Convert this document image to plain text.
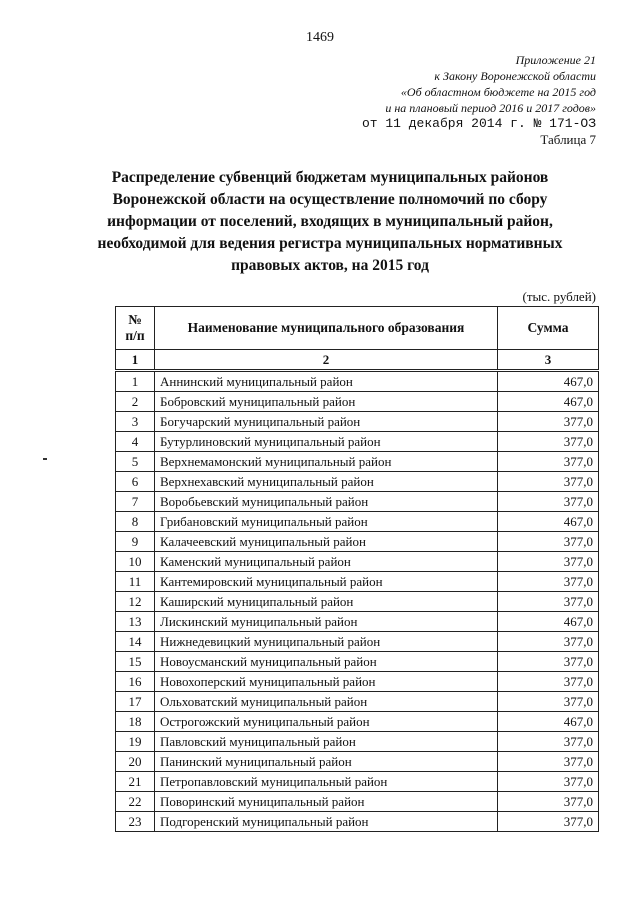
1469
Приложение 21
к Закону Воронежской области
«Об областном бюджете на 2015 год
и на плановый период 2016 и 2017 годов»
от 11 декабря 2014 г. № 171-ОЗ
Таблица 7
Распределение субвенций бюджетам муниципальных районов Воронежской области на осуществление полномочий по сбору информации от поселений, входящих в муниципальный район, необходимой для ведения регистра муниципальных нормативных правовых актов, на 2015 год
(тыс. рублей)
№ п/п	Наименование муниципального образования	Сумма
1	2	3
1	Аннинский муниципальный район	467,0
2	Бобровский муниципальный район	467,0
3	Богучарский муниципальный район	377,0
4	Бутурлиновский муниципальный район	377,0
5	Верхнемамонский муниципальный район	377,0
6	Верхнехавский муниципальный район	377,0
7	Воробьевский муниципальный район	377,0
8	Грибановский муниципальный район	467,0
9	Калачеевский муниципальный район	377,0
10	Каменский муниципальный район	377,0
11	Кантемировский муниципальный район	377,0
12	Каширский муниципальный район	377,0
13	Лискинский муниципальный район	467,0
14	Нижнедевицкий муниципальный район	377,0
15	Новоусманский муниципальный район	377,0
16	Новохоперский муниципальный район	377,0
17	Ольховатский муниципальный район	377,0
18	Острогожский муниципальный район	467,0
19	Павловский муниципальный район	377,0
20	Панинский муниципальный район	377,0
21	Петропавловский муниципальный район	377,0
22	Поворинский муниципальный район	377,0
23	Подгоренский муниципальный район	377,0
